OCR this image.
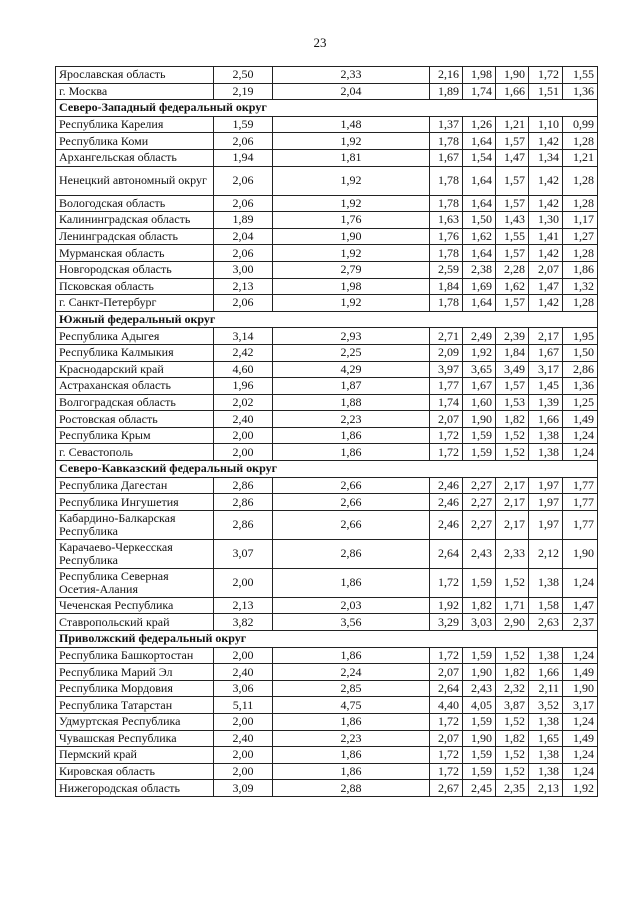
23
Ярославская область	2,50	2,33	2,16	1,98	1,90	1,72	1,55
г. Москва	2,19	2,04	1,89	1,74	1,66	1,51	1,36
Северо-Западный федеральный округ							
Республика Карелия	1,59	1,48	1,37	1,26	1,21	1,10	0,99
Республика Коми	2,06	1,92	1,78	1,64	1,57	1,42	1,28
Архангельская область	1,94	1,81	1,67	1,54	1,47	1,34	1,21
Ненецкий автономный округ	2,06	1,92	1,78	1,64	1,57	1,42	1,28
Вологодская область	2,06	1,92	1,78	1,64	1,57	1,42	1,28
Калининградская область	1,89	1,76	1,63	1,50	1,43	1,30	1,17
Ленинградская область	2,04	1,90	1,76	1,62	1,55	1,41	1,27
Мурманская область	2,06	1,92	1,78	1,64	1,57	1,42	1,28
Новгородская область	3,00	2,79	2,59	2,38	2,28	2,07	1,86
Псковская область	2,13	1,98	1,84	1,69	1,62	1,47	1,32
г. Санкт-Петербург	2,06	1,92	1,78	1,64	1,57	1,42	1,28
Южный федеральный округ							
Республика Адыгея	3,14	2,93	2,71	2,49	2,39	2,17	1,95
Республика Калмыкия	2,42	2,25	2,09	1,92	1,84	1,67	1,50
Краснодарский край	4,60	4,29	3,97	3,65	3,49	3,17	2,86
Астраханская область	1,96	1,87	1,77	1,67	1,57	1,45	1,36
Волгоградская область	2,02	1,88	1,74	1,60	1,53	1,39	1,25
Ростовская область	2,40	2,23	2,07	1,90	1,82	1,66	1,49
Республика Крым	2,00	1,86	1,72	1,59	1,52	1,38	1,24
г. Севастополь	2,00	1,86	1,72	1,59	1,52	1,38	1,24
Северо-Кавказский федеральный округ							
Республика Дагестан	2,86	2,66	2,46	2,27	2,17	1,97	1,77
Республика Ингушетия	2,86	2,66	2,46	2,27	2,17	1,97	1,77
Кабардино-Балкарская Республика	2,86	2,66	2,46	2,27	2,17	1,97	1,77
Карачаево-Черкесская Республика	3,07	2,86	2,64	2,43	2,33	2,12	1,90
Республика Северная Осетия-Алания	2,00	1,86	1,72	1,59	1,52	1,38	1,24
Чеченская Республика	2,13	2,03	1,92	1,82	1,71	1,58	1,47
Ставропольский край	3,82	3,56	3,29	3,03	2,90	2,63	2,37
Приволжский федеральный округ							
Республика Башкортостан	2,00	1,86	1,72	1,59	1,52	1,38	1,24
Республика Марий Эл	2,40	2,24	2,07	1,90	1,82	1,66	1,49
Республика Мордовия	3,06	2,85	2,64	2,43	2,32	2,11	1,90
Республика Татарстан	5,11	4,75	4,40	4,05	3,87	3,52	3,17
Удмуртская Республика	2,00	1,86	1,72	1,59	1,52	1,38	1,24
Чувашская Республика	2,40	2,23	2,07	1,90	1,82	1,65	1,49
Пермский край	2,00	1,86	1,72	1,59	1,52	1,38	1,24
Кировская область	2,00	1,86	1,72	1,59	1,52	1,38	1,24
Нижегородская область	3,09	2,88	2,67	2,45	2,35	2,13	1,92
